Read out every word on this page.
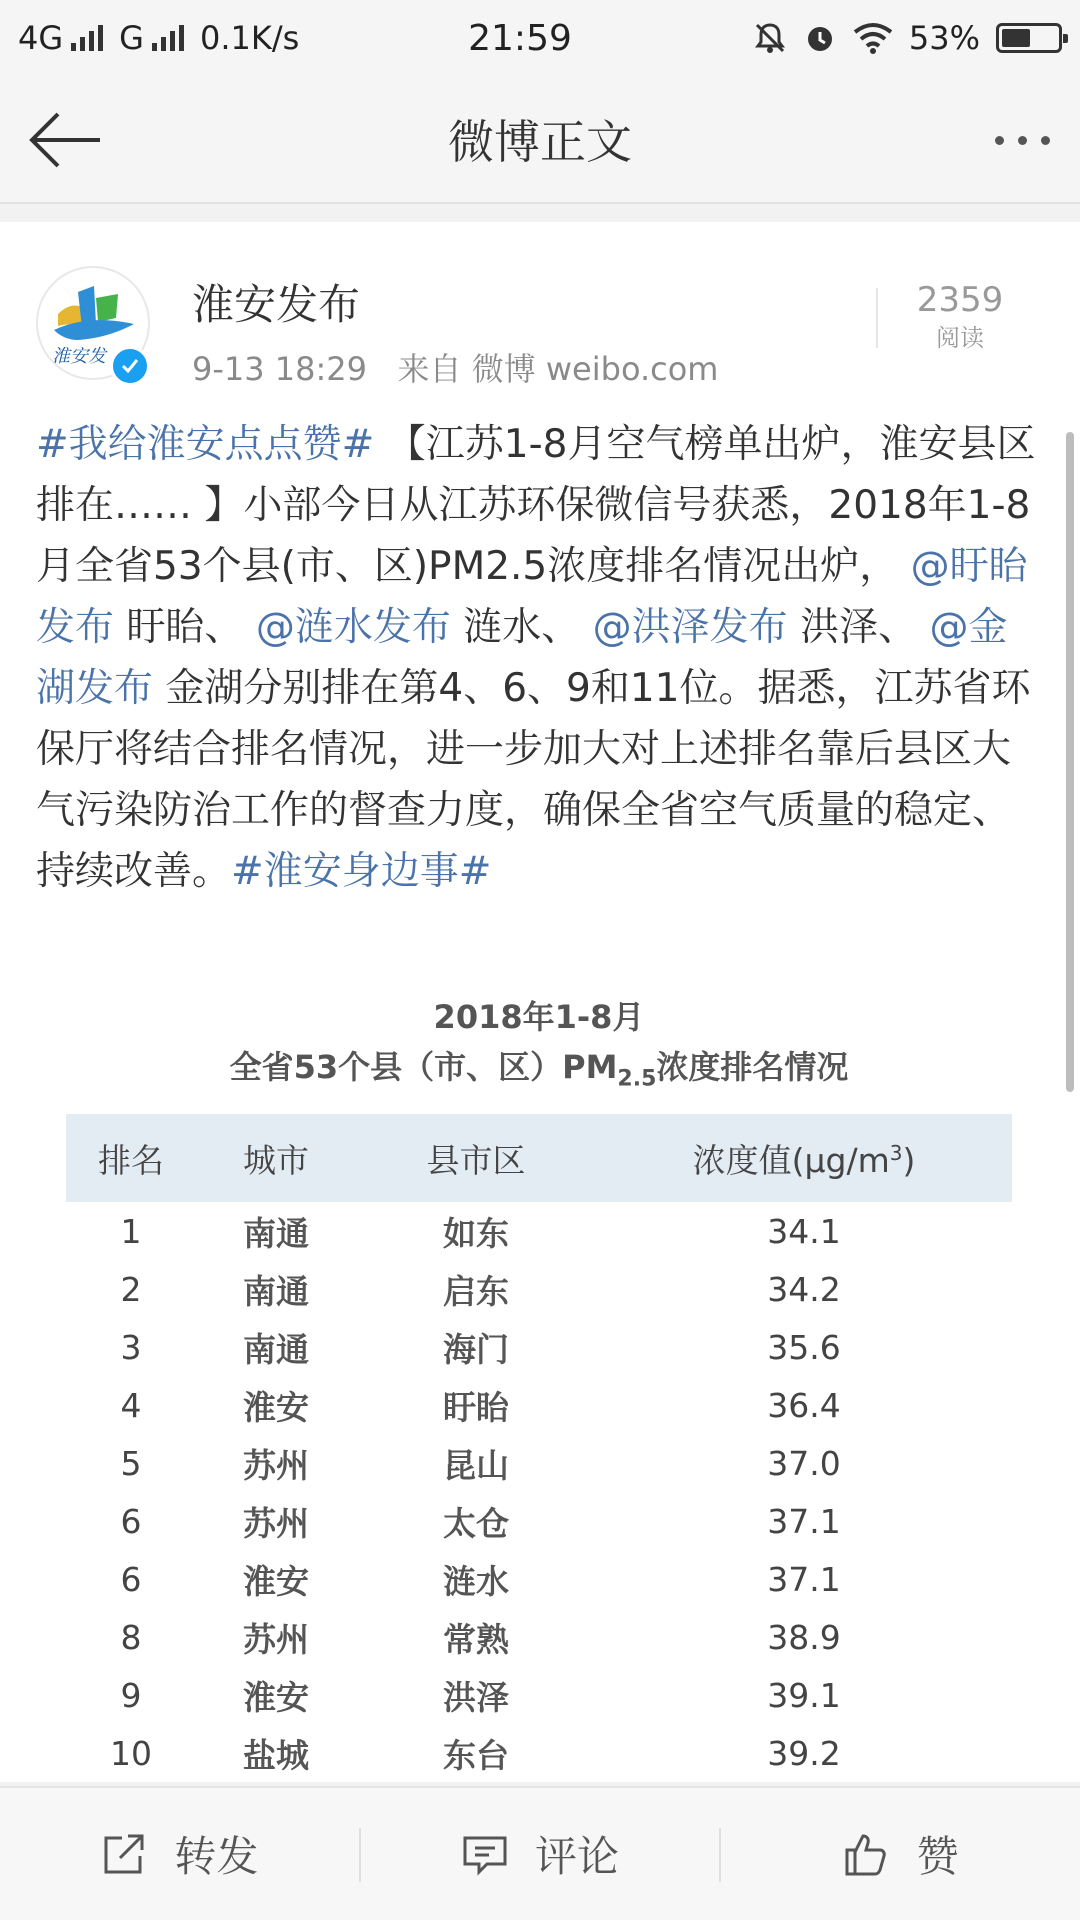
4G G 0.1K/s	21:59	53%
微博正文
淮安发
淮安发布
9-13 18:29 来自 微博 weibo.com
2359
阅读
#我给淮安点点赞# 【江苏1-8月空气榜单出炉，淮安县区排在…… 】小部今日从江苏环保微信号获悉，2018年1-8月全省53个县(市、区)PM2.5浓度排名情况出炉， @盱眙发布 盱眙、 @涟水发布 涟水、 @洪泽发布 洪泽、 @金湖发布 金湖分别排在第4、6、9和11位。据悉，江苏省环保厅将结合排名情况，进一步加大对上述排名靠后县区大气污染防治工作的督查力度，确保全省空气质量的稳定、持续改善。#淮安身边事#
2018年1-8月
全省53个县（市、区）$PM_{2.5}$浓度排名情况
排名	城市	县市区	浓度值$(\mu g/m^3)$
1	南通	如东	34.1
2	南通	启东	34.2
3	南通	海门	35.6
4	淮安	盱眙	36.4
5	苏州	昆山	37.0
6	苏州	太仓	37.1
6	淮安	涟水	37.1
8	苏州	常熟	38.9
9	淮安	洪泽	39.1
10	盐城	东台	39.2
转发	评论	赞
